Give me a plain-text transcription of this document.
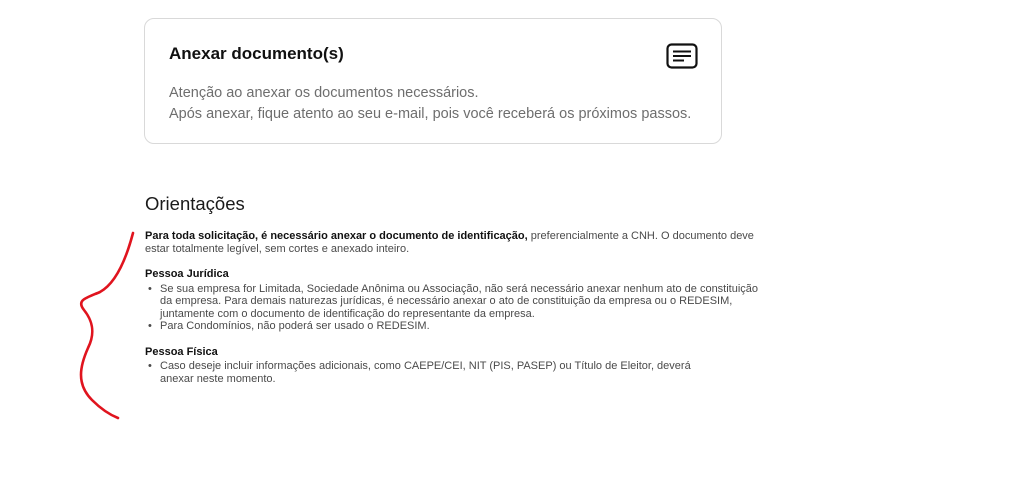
Anexar documento(s)
Atenção ao anexar os documentos necessários.
Após anexar, fique atento ao seu e-mail, pois você receberá os próximos passos.
Orientações

Para toda solicitação, é necessário anexar o documento de identificação, preferencialmente a CNH. O documento deve
estar totalmente legível, sem cortes e anexado inteiro.

Pessoa Jurídica

• Se sua empresa for Limitada, Sociedade Anônima ou Associação, não será necessário anexar nenhum ato de constituição
da empresa. Para demais naturezas jurídicas, é necessário anexar o ato de constituição da empresa ou o REDESIM,
juntamente com o documento de identificação do representante da empresa.
• Para Condomínios, não poderá ser usado o REDESIM.

Pessoa Física

• Caso deseje incluir informações adicionais, como CAEPE/CEI, NIT (PIS, PASEP) ou Título de Eleitor, deverá
anexar neste momento.
